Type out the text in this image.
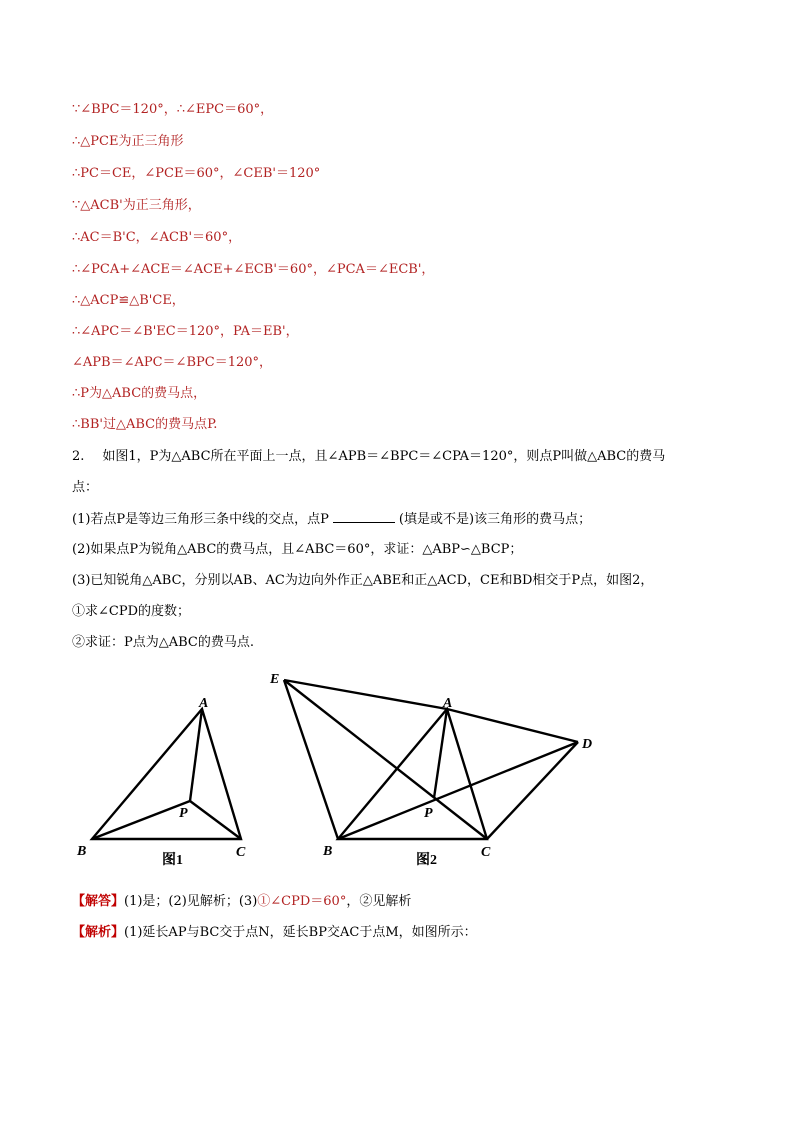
∵∠BPC＝120°，∴∠EPC＝60°，
∴△PCE为正三角形
∴PC＝CE，∠PCE＝60°，∠CEB'＝120°
∵△ACB'为正三角形，
∴AC＝B'C，∠ACB'＝60°，
∴∠PCA+∠ACE＝∠ACE+∠ECB'＝60°，∠PCA＝∠ECB'，
∴△ACP≌△B'CE，
∴∠APC＝∠B'EC＝120°，PA＝EB'，
∠APB＝∠APC＝∠BPC＝120°，
∴P为△ABC的费马点，
∴BB'过△ABC的费马点P.
2. 如图1，P为△ABC所在平面上一点，且∠APB＝∠BPC＝∠CPA＝120°，则点P叫做△ABC的费马
点：
(1)若点P是等边三角形三条中线的交点，点P	(填是或不是)该三角形的费马点；
(2)如果点P为锐角△ABC的费马点，且∠ABC＝60°，求证：△ABP∽△BCP；
(3)已知锐角△ABC，分别以AB、AC为边向外作正△ABE和正△ACD，CE和BD相交于P点，如图2，
①求∠CPD的度数；
②求证：P点为△ABC的费马点.
A
B	C
P
图1
E
A
D
B	C
P
图2
【解答】(1)是；(2)见解析；(3)①∠CPD＝60°，②见解析
【解析】(1)延长AP与BC交于点N，延长BP交AC于点M，如图所示：
